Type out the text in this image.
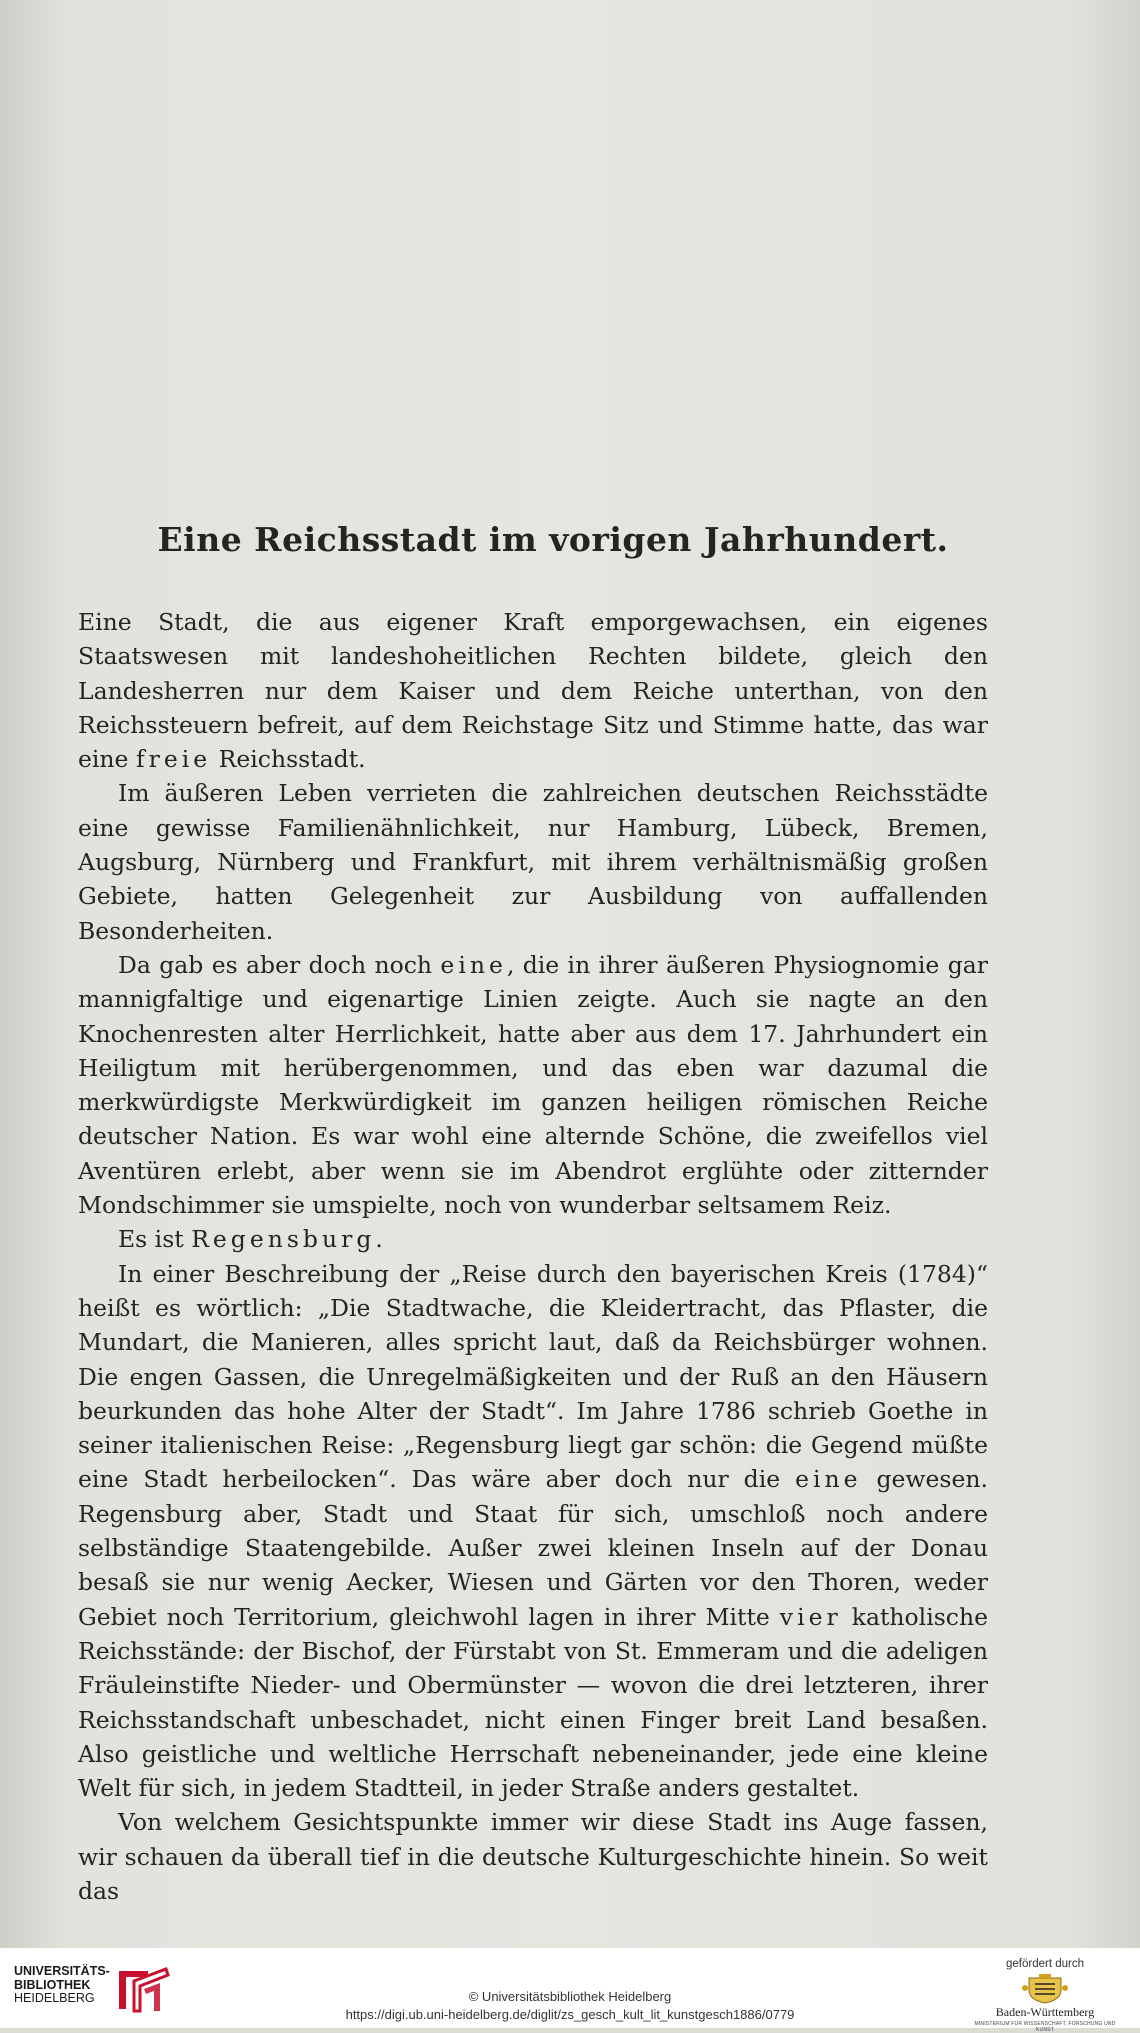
Eine Reichsstadt im vorigen Jahrhundert.

Eine Stadt, die aus eigener Kraft emporgewachsen, ein eigenes Staatswesen mit landeshoheitlichen Rechten bildete, gleich den Landesherren nur dem Kaiser und dem Reiche unterthan, von den Reichssteuern befreit, auf dem Reichstage Sitz und Stimme hatte, das war eine freie Reichsstadt.

Im äußeren Leben verrieten die zahlreichen deutschen Reichsstädte eine gewisse Familienähnlichkeit, nur Hamburg, Lübeck, Bremen, Augsburg, Nürnberg und Frankfurt, mit ihrem verhältnismäßig großen Gebiete, hatten Gelegenheit zur Ausbildung von auffallenden Besonderheiten.

Da gab es aber doch noch eine, die in ihrer äußeren Physiognomie gar mannigfaltige und eigenartige Linien zeigte. Auch sie nagte an den Knochenresten alter Herrlichkeit, hatte aber aus dem 17. Jahrhundert ein Heiligtum mit herübergenommen, und das eben war dazumal die merkwürdigste Merkwürdigkeit im ganzen heiligen römischen Reiche deutscher Nation. Es war wohl eine alternde Schöne, die zweifellos viel Aventüren erlebt, aber wenn sie im Abendrot erglühte oder zitternder Mondschimmer sie umspielte, noch von wunderbar seltsamem Reiz.

Es ist Regensburg.

In einer Beschreibung der „Reise durch den bayerischen Kreis (1784)“ heißt es wörtlich: „Die Stadtwache, die Kleidertracht, das Pflaster, die Mundart, die Manieren, alles spricht laut, daß da Reichsbürger wohnen. Die engen Gassen, die Unregelmäßigkeiten und der Ruß an den Häusern beurkunden das hohe Alter der Stadt“. Im Jahre 1786 schrieb Goethe in seiner italienischen Reise: „Regensburg liegt gar schön: die Gegend müßte eine Stadt herbeilocken“. Das wäre aber doch nur die eine gewesen. Regensburg aber, Stadt und Staat für sich, umschloß noch andere selbständige Staatengebilde. Außer zwei kleinen Inseln auf der Donau besaß sie nur wenig Aecker, Wiesen und Gärten vor den Thoren, weder Gebiet noch Territorium, gleichwohl lagen in ihrer Mitte vier katholische Reichsstände: der Bischof, der Fürstabt von St. Emmeram und die adeligen Fräuleinstifte Nieder- und Obermünster — wovon die drei letzteren, ihrer Reichsstandschaft unbeschadet, nicht einen Finger breit Land besaßen. Also geistliche und weltliche Herrschaft nebeneinander, jede eine kleine Welt für sich, in jedem Stadtteil, in jeder Straße anders gestaltet.

Von welchem Gesichtspunkte immer wir diese Stadt ins Auge fassen, wir schauen da überall tief in die deutsche Kulturgeschichte hinein. So weit das

UNIVERSITÄTS-
BIBLIOTHEK
HEIDELBERG	© Universitätsbibliothek Heidelberg
https://digi.ub.uni-heidelberg.de/diglit/zs_gesch_kult_lit_kunstgesch1886/0779
gefördert durch
Baden-Württemberg
MINISTERIUM FÜR WISSENSCHAFT, FORSCHUNG UND KUNST
